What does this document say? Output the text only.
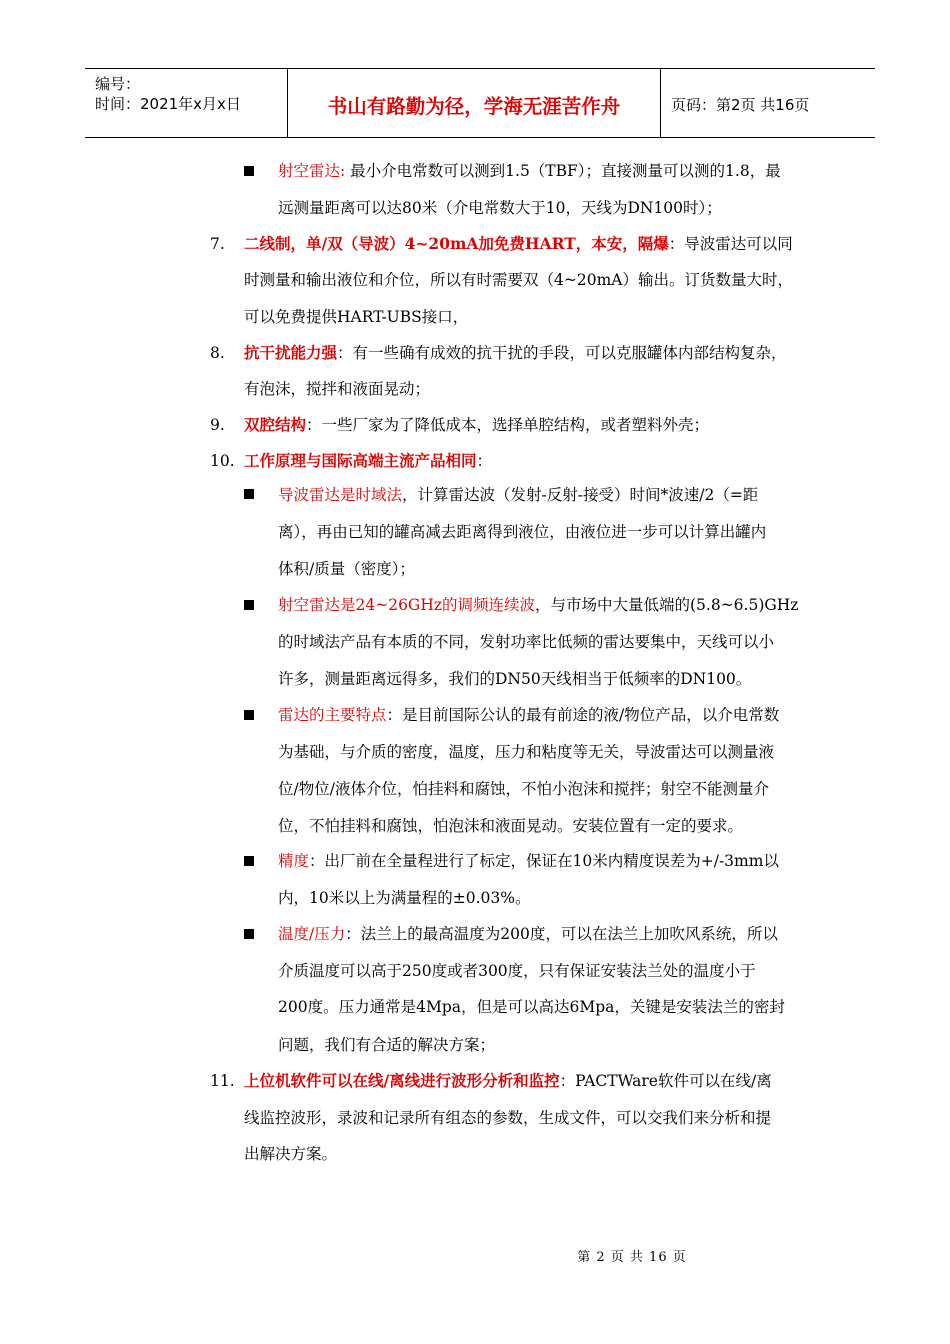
编号：
时间：2021年x月x日	书山有路勤为径，学海无涯苦作舟	页码：第2页 共16页
7.
8.
9.
10.
11.
射空雷达: 最小介电常数可以测到1.5（TBF）；直接测量可以测的1.8，最
远测量距离可以达80米（介电常数大于10，天线为DN100时）；
二线制，单/双（导波）4~20mA加免费HART，本安，隔爆：导波雷达可以同
时测量和输出液位和介位，所以有时需要双（4~20mA）输出。订货数量大时，
可以免费提供HART-UBS接口，
抗干扰能力强：有一些确有成效的抗干扰的手段，可以克服罐体内部结构复杂，
有泡沫，搅拌和液面晃动；
双腔结构：一些厂家为了降低成本，选择单腔结构，或者塑料外壳；
工作原理与国际高端主流产品相同：
导波雷达是时域法，计算雷达波（发射-反射-接受）时间*波速/2（=距
离），再由已知的罐高减去距离得到液位，由液位进一步可以计算出罐内
体积/质量（密度）；
射空雷达是24~26GHz的调频连续波，与市场中大量低端的(5.8~6.5)GHz
的时域法产品有本质的不同，发射功率比低频的雷达要集中，天线可以小
许多，测量距离远得多，我们的DN50天线相当于低频率的DN100。
雷达的主要特点：是目前国际公认的最有前途的液/物位产品，以介电常数
为基础，与介质的密度，温度，压力和粘度等无关，导波雷达可以测量液
位/物位/液体介位，怕挂料和腐蚀，不怕小泡沫和搅拌；射空不能测量介
位，不怕挂料和腐蚀，怕泡沫和液面晃动。安装位置有一定的要求。
精度：出厂前在全量程进行了标定，保证在10米内精度误差为+/-3mm以
内，10米以上为满量程的±0.03%。
温度/压力：法兰上的最高温度为200度，可以在法兰上加吹风系统，所以
介质温度可以高于250度或者300度，只有保证安装法兰处的温度小于
200度。压力通常是4Mpa，但是可以高达6Mpa，关键是安装法兰的密封
问题，我们有合适的解决方案；
上位机软件可以在线/离线进行波形分析和监控：PACTWare软件可以在线/离
线监控波形，录波和记录所有组态的参数，生成文件，可以交我们来分析和提
出解决方案。
第 2 页 共 16 页
